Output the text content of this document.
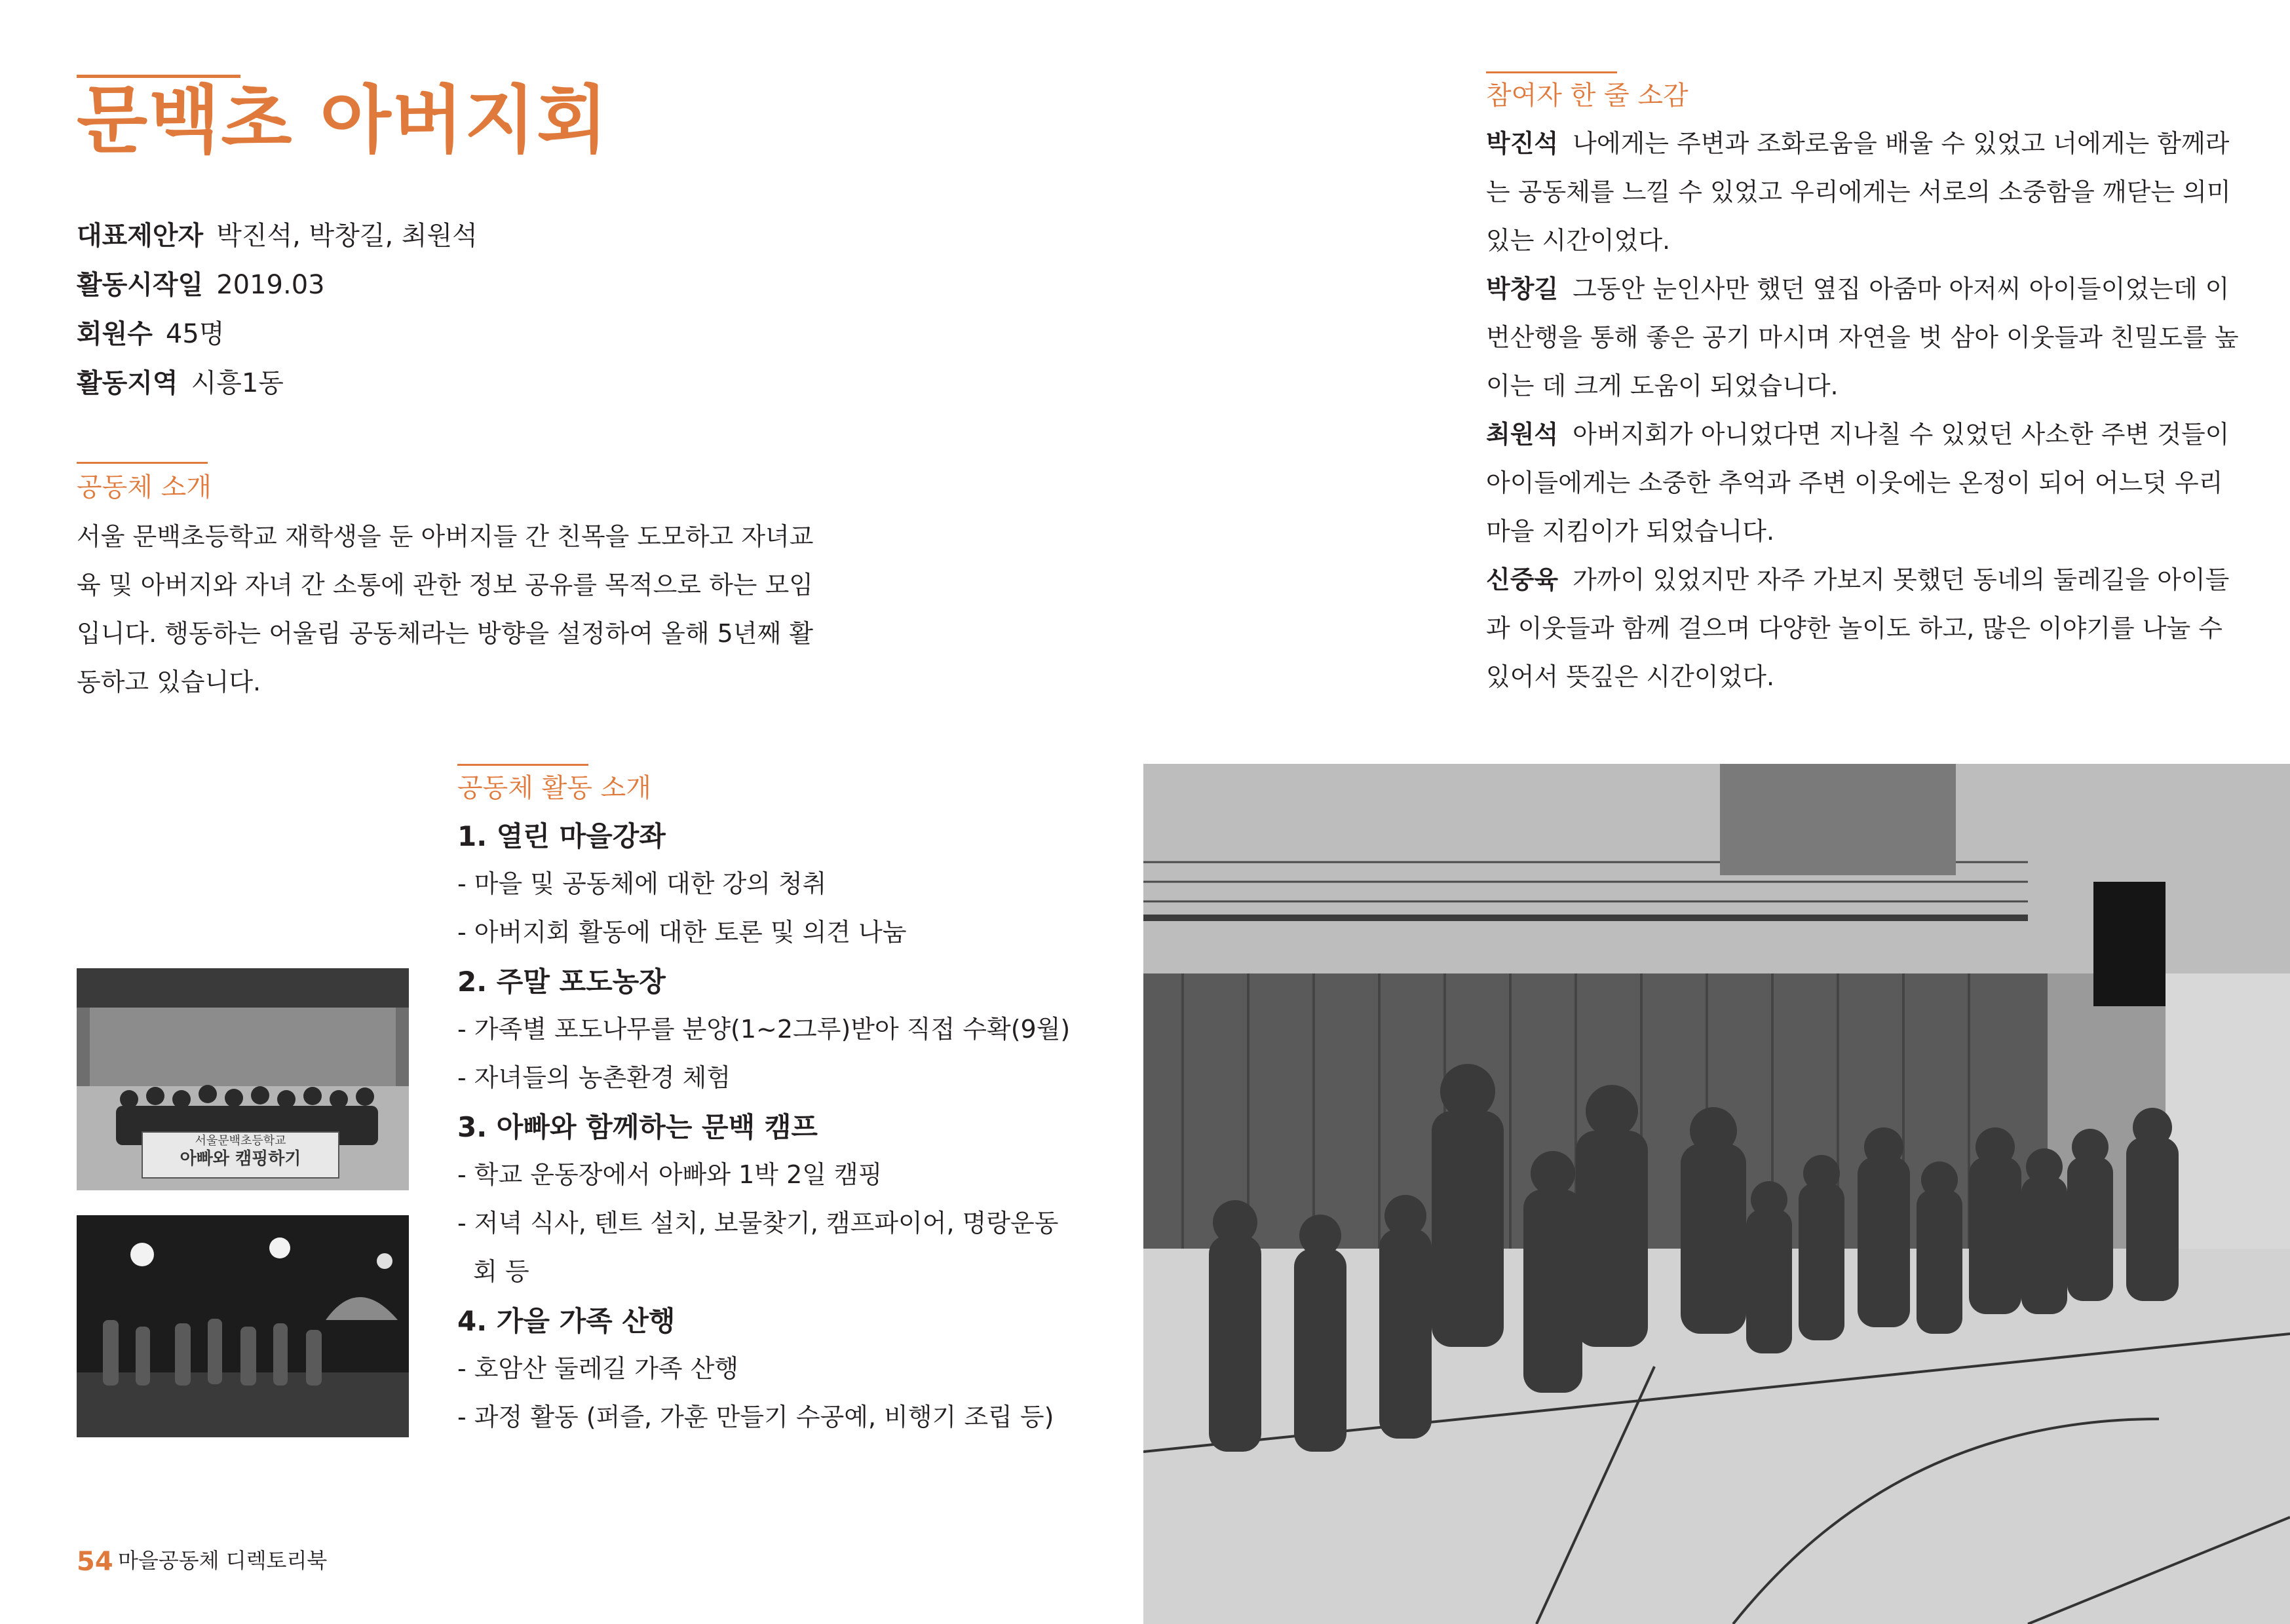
문백초 아버지회
대표제안자 박진석, 박창길, 최원석
활동시작일 2019.03
회원수 45명
활동지역 시흥1동
공동체 소개
서울 문백초등학교 재학생을 둔 아버지들 간 친목을 도모하고 자녀교
육 및 아버지와 자녀 간 소통에 관한 정보 공유를 목적으로 하는 모임
입니다. 행동하는 어울림 공동체라는 방향을 설정하여 올해 5년째 활
동하고 있습니다.
공동체 활동 소개
1. 열린 마을강좌
- 마을 및 공동체에 대한 강의 청취
- 아버지회 활동에 대한 토론 및 의견 나눔
2. 주말 포도농장
- 가족별 포도나무를 분양(1~2그루)받아 직접 수확(9월)
- 자녀들의 농촌환경 체험
3. 아빠와 함께하는 문백 캠프
- 학교 운동장에서 아빠와 1박 2일 캠핑
- 저녁 식사, 텐트 설치, 보물찾기, 캠프파이어, 명랑운동
회 등
4. 가을 가족 산행
- 호암산 둘레길 가족 산행
- 과정 활동 (퍼즐, 가훈 만들기 수공예, 비행기 조립 등)
참여자 한 줄 소감
박진석 나에게는 주변과 조화로움을 배울 수 있었고 너에게는 함께라
는 공동체를 느낄 수 있었고 우리에게는 서로의 소중함을 깨닫는 의미
있는 시간이었다.
박창길 그동안 눈인사만 했던 옆집 아줌마 아저씨 아이들이었는데 이
번산행을 통해 좋은 공기 마시며 자연을 벗 삼아 이웃들과 친밀도를 높
이는 데 크게 도움이 되었습니다.
최원석 아버지회가 아니었다면 지나칠 수 있었던 사소한 주변 것들이
아이들에게는 소중한 추억과 주변 이웃에는 온정이 되어 어느덧 우리
마을 지킴이가 되었습니다.
신중육 가까이 있었지만 자주 가보지 못했던 동네의 둘레길을 아이들
과 이웃들과 함께 걸으며 다양한 놀이도 하고, 많은 이야기를 나눌 수
있어서 뜻깊은 시간이었다.
서울문백초등학교
아빠와 캠핑하기
54 마을공동체 디렉토리북
